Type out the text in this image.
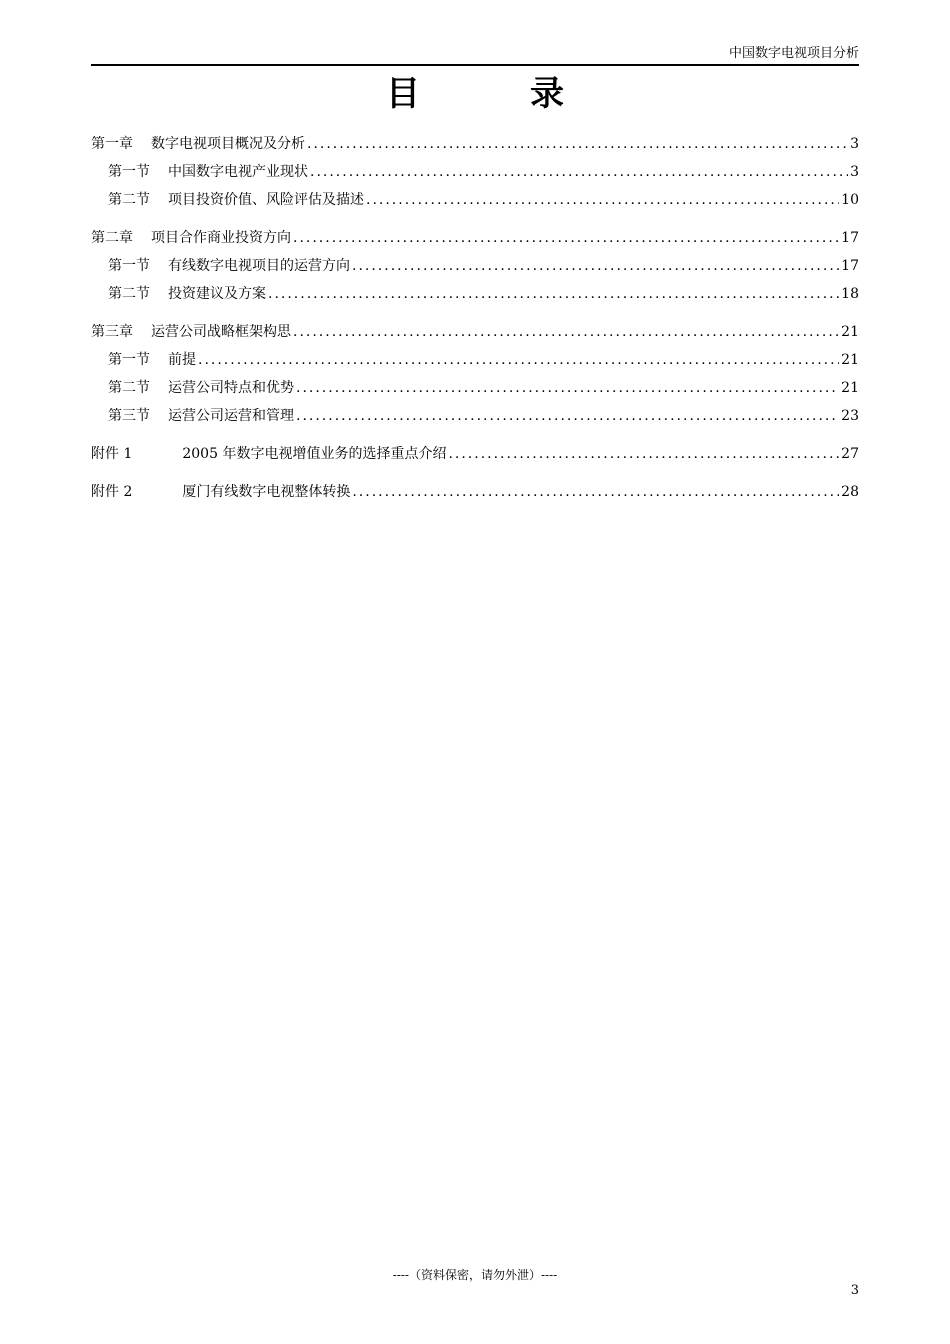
中国数字电视项目分析
目录
第一章 数字电视项目概况及分析 .....	3
第一节 中国数字电视产业现状 .....	3
第二节 项目投资价值、风险评估及描述 .....	10
第二章 项目合作商业投资方向 .....	17
第一节 有线数字电视项目的运营方向 .....	17
第二节 投资建议及方案 .....	18
第三章 运营公司战略框架构思 .....	21
第一节 前提 .....	21
第二节 运营公司特点和优势 .....	21
第三节 运营公司运营和管理 .....	23
附件 1	2005 年数字电视增值业务的选择重点介绍 .....	27
附件 2	厦门有线数字电视整体转换 .....	28
----（资料保密，请勿外泄）----
3
